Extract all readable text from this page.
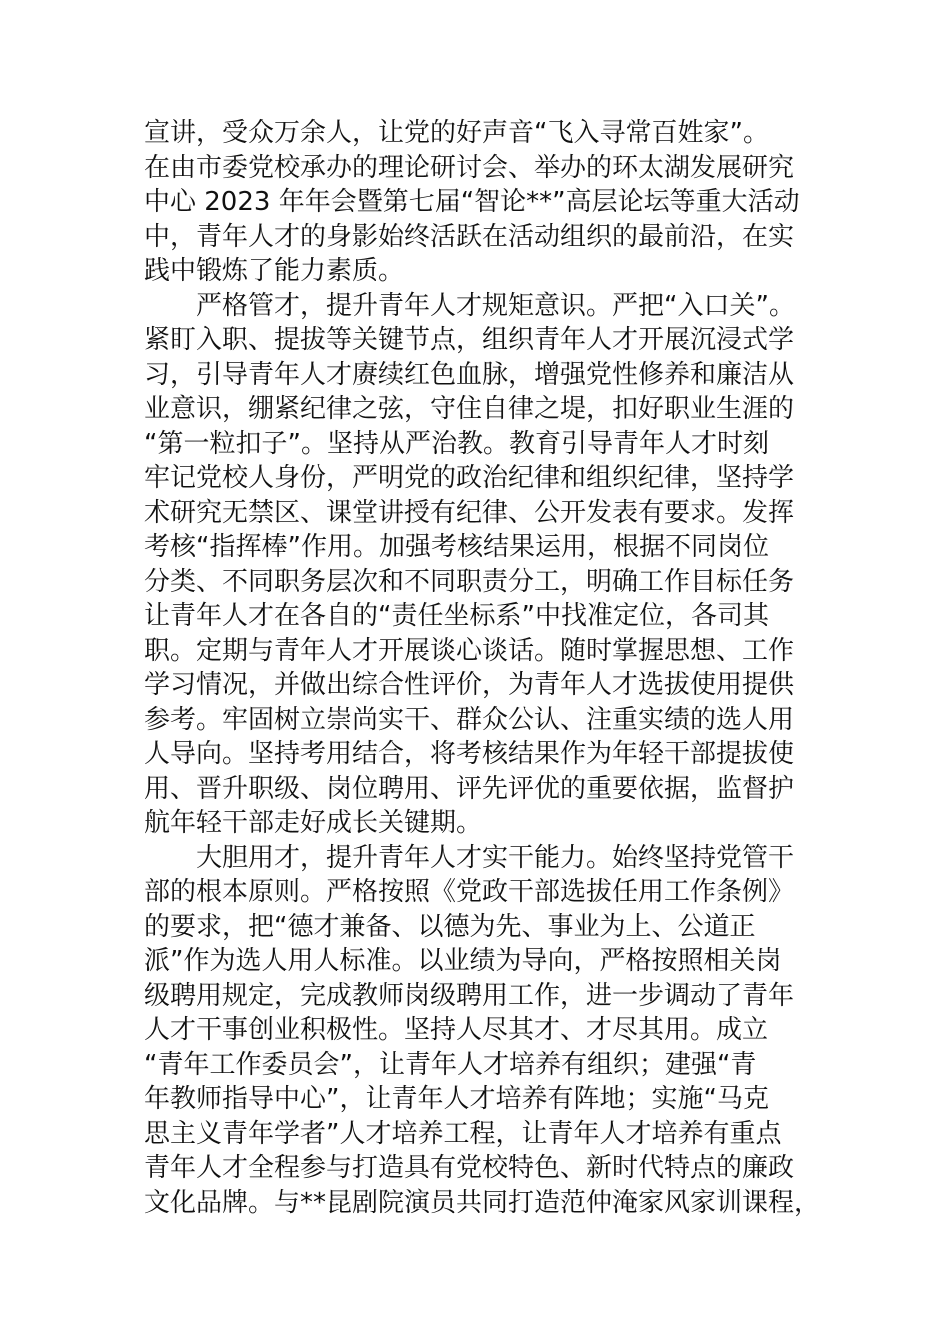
宣讲，受众万余人，让党的好声音“飞入寻常百姓家”。
在由市委党校承办的理论研讨会、举办的环太湖发展研究
中心 2023 年年会暨第七届“智论**”高层论坛等重大活动
中，青年人才的身影始终活跃在活动组织的最前沿，在实
践中锻炼了能力素质。
　　严格管才，提升青年人才规矩意识。严把“入口关”。
紧盯入职、提拔等关键节点，组织青年人才开展沉浸式学
习，引导青年人才赓续红色血脉，增强党性修养和廉洁从
业意识，绷紧纪律之弦，守住自律之堤，扣好职业生涯的
“第一粒扣子”。坚持从严治教。教育引导青年人才时刻
牢记党校人身份，严明党的政治纪律和组织纪律，坚持学
术研究无禁区、课堂讲授有纪律、公开发表有要求。发挥
考核“指挥棒”作用。加强考核结果运用，根据不同岗位
分类、不同职务层次和不同职责分工，明确工作目标任务
让青年人才在各自的“责任坐标系”中找准定位，各司其
职。定期与青年人才开展谈心谈话。随时掌握思想、工作
学习情况，并做出综合性评价，为青年人才选拔使用提供
参考。牢固树立崇尚实干、群众公认、注重实绩的选人用
人导向。坚持考用结合，将考核结果作为年轻干部提拔使
用、晋升职级、岗位聘用、评先评优的重要依据，监督护
航年轻干部走好成长关键期。
　　大胆用才，提升青年人才实干能力。始终坚持党管干
部的根本原则。严格按照《党政干部选拔任用工作条例》
的要求，把“德才兼备、以德为先、事业为上、公道正
派”作为选人用人标准。以业绩为导向，严格按照相关岗
级聘用规定，完成教师岗级聘用工作，进一步调动了青年
人才干事创业积极性。坚持人尽其才、才尽其用。成立
“青年工作委员会”，让青年人才培养有组织；建强“青
年教师指导中心”，让青年人才培养有阵地；实施“马克
思主义青年学者”人才培养工程，让青年人才培养有重点
青年人才全程参与打造具有党校特色、新时代特点的廉政
文化品牌。与**昆剧院演员共同打造范仲淹家风家训课程，
